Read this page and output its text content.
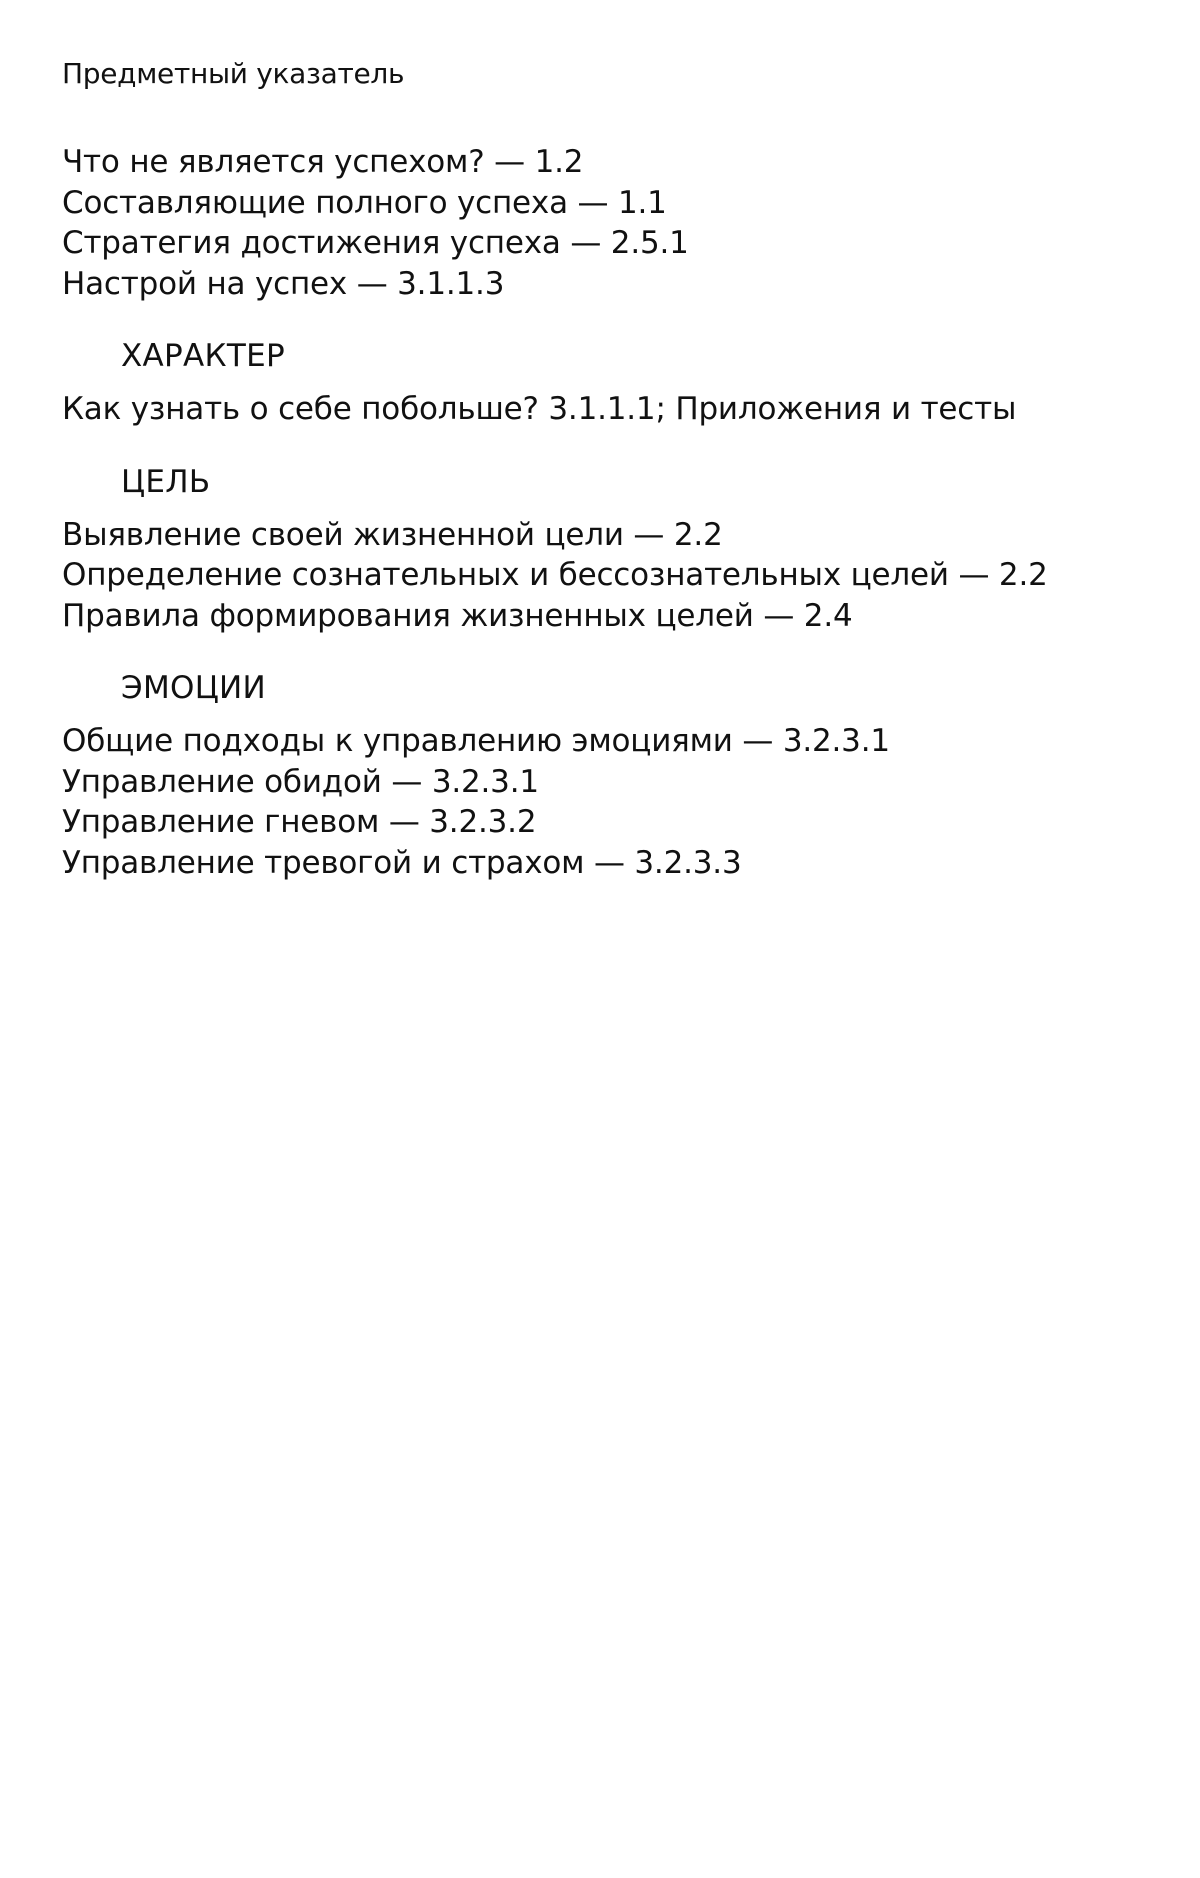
Предметный указатель
Что не является успехом? — 1.2
Составляющие полного успеха — 1.1
Стратегия достижения успеха — 2.5.1
Настрой на успех — 3.1.1.3
ХАРАКТЕР
Как узнать о себе побольше? 3.1.1.1; Приложения и тесты
ЦЕЛЬ
Выявление своей жизненной цели — 2.2
Определение сознательных и бессознательных целей — 2.2
Правила формирования жизненных целей — 2.4
ЭМОЦИИ
Общие подходы к управлению эмоциями — 3.2.3.1
Управление обидой — 3.2.3.1
Управление гневом — 3.2.3.2
Управление тревогой и страхом — 3.2.3.3
